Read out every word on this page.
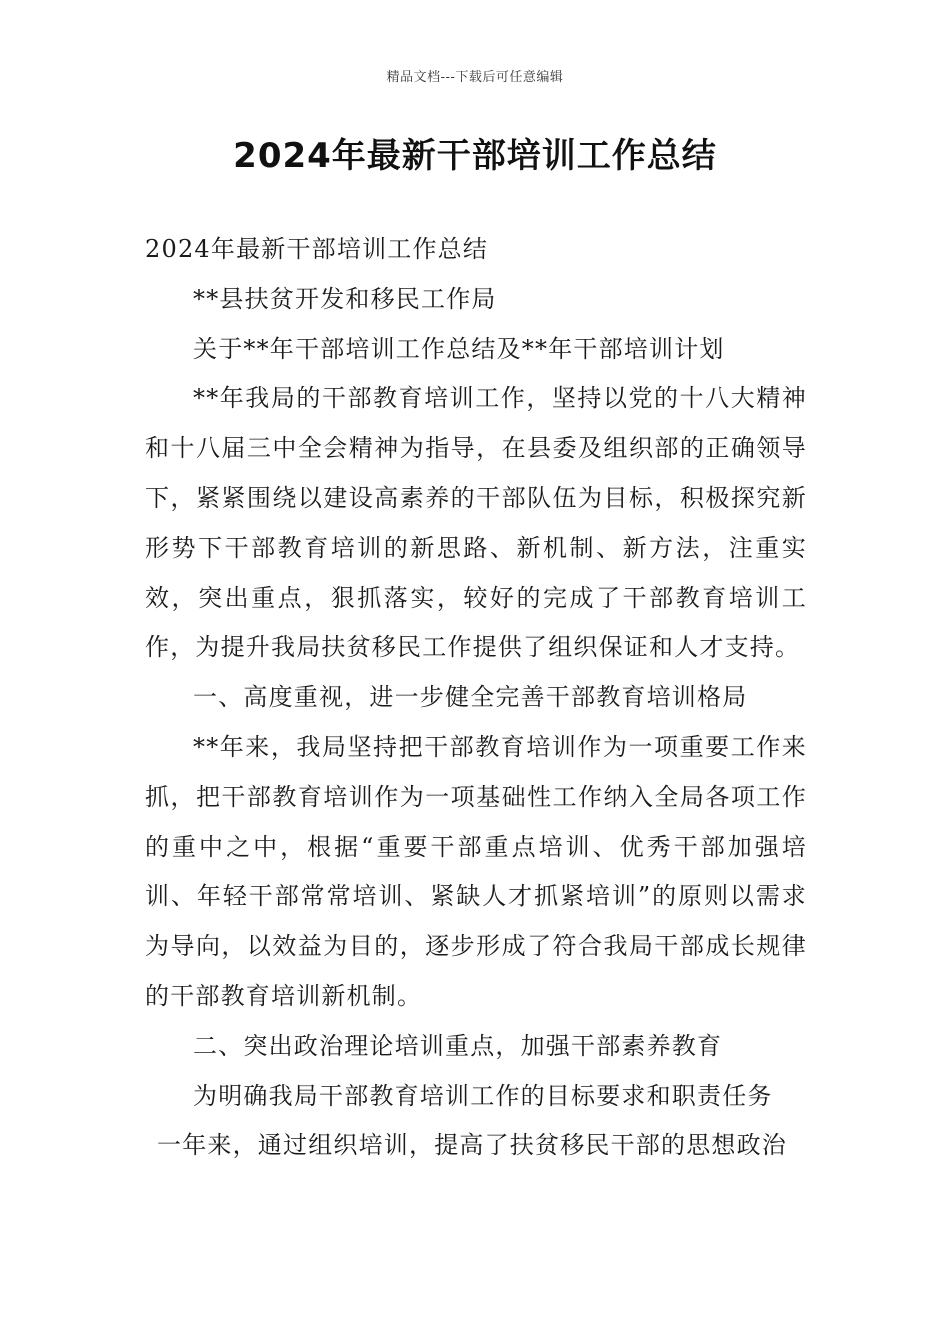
精品文档---下载后可任意编辑
2024年最新干部培训工作总结

2024年最新干部培训工作总结

**县扶贫开发和移民工作局

关于**年干部培训工作总结及**年干部培训计划

**年我局的干部教育培训工作，坚持以党的十八大精神和十八届三中全会精神为指导，在县委及组织部的正确领导下，紧紧围绕以建设高素养的干部队伍为目标，积极探究新形势下干部教育培训的新思路、新机制、新方法，注重实效，突出重点，狠抓落实，较好的完成了干部教育培训工作，为提升我局扶贫移民工作提供了组织保证和人才支持。

一、高度重视，进一步健全完善干部教育培训格局

**年来，我局坚持把干部教育培训作为一项重要工作来抓，把干部教育培训作为一项基础性工作纳入全局各项工作的重中之中，根据“重要干部重点培训、优秀干部加强培训、年轻干部常常培训、紧缺人才抓紧培训”的原则以需求为导向，以效益为目的，逐步形成了符合我局干部成长规律的干部教育培训新机制。

二、突出政治理论培训重点，加强干部素养教育

为明确我局干部教育培训工作的目标要求和职责任务

一年来，通过组织培训，提高了扶贫移民干部的思想政治
